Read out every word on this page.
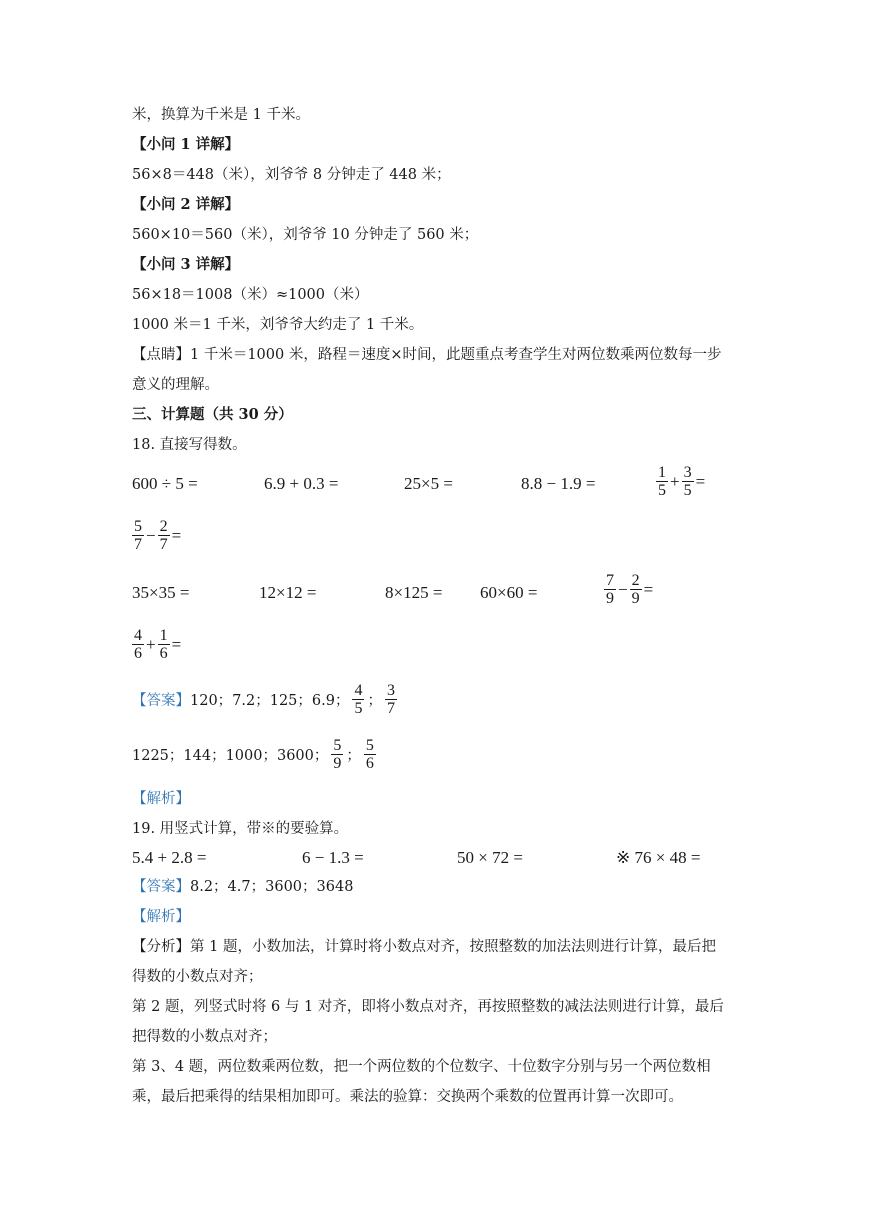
米，换算为千米是 1 千米。
【小问 1 详解】
56×8＝448（米），刘爷爷 8 分钟走了 448 米；
【小问 2 详解】
560×10＝560（米），刘爷爷 10 分钟走了 560 米；
【小问 3 详解】
56×18＝1008（米）≈1000（米）
1000 米＝1 千米，刘爷爷大约走了 1 千米。
【点睛】1 千米＝1000 米，路程＝速度×时间，此题重点考查学生对两位数乘两位数每一步
意义的理解。
三、计算题（共 30 分）
18. 直接写得数。
600 ÷ 5 =	6.9 + 0.3 =	25×5 =	8.8 − 1.9 =	$\frac{1}{5} + \frac{3}{5}$ =
$\frac{5}{7} - \frac{2}{7}$ =
35×35 =	12×12 =	8×125 = 60×60 =	$\frac{7}{9} - \frac{2}{9}$ =
$\frac{4}{6} + \frac{1}{6}$ =
【答案】120；7.2；125；6.9； $\frac{4}{5}$ ； $\frac{3}{7}$
1225；144；1000；3600； $\frac{5}{9}$ ； $\frac{5}{6}$
【解析】
19. 用竖式计算，带※的要验算。
5.4 + 2.8 =	6 − 1.3 =	50 × 72 =	※ 76 × 48 =
【答案】8.2；4.7；3600；3648
【解析】
【分析】第 1 题，小数加法，计算时将小数点对齐，按照整数的加法法则进行计算，最后把
得数的小数点对齐；
第 2 题，列竖式时将 6 与 1 对齐，即将小数点对齐，再按照整数的减法法则进行计算，最后
把得数的小数点对齐；
第 3、4 题，两位数乘两位数，把一个两位数的个位数字、十位数字分别与另一个两位数相
乘，最后把乘得的结果相加即可。乘法的验算：交换两个乘数的位置再计算一次即可。
